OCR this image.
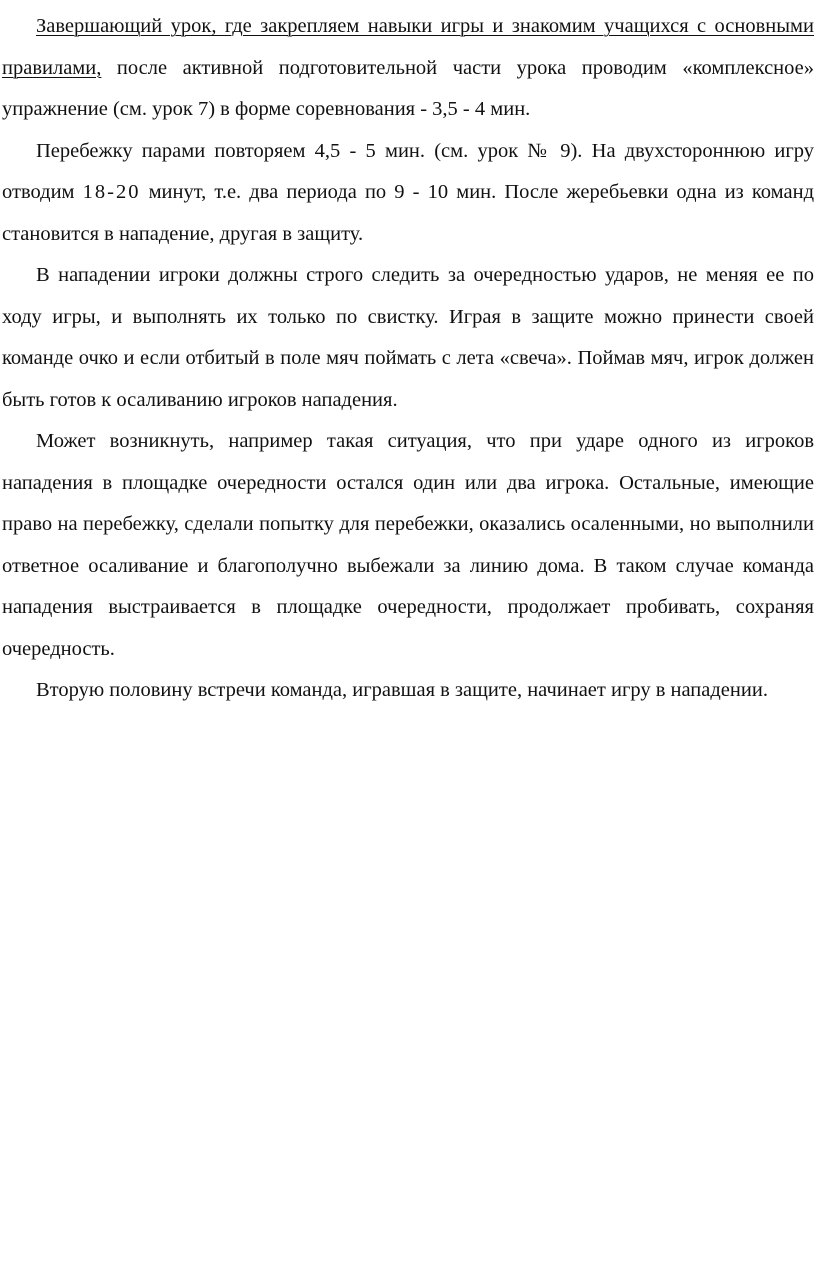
Завершающий урок, где закрепляем навыки игры и знакомим учащихся с основными правилами, после активной подготовительной части урока проводим «комплексное» упражнение (см. урок 7) в форме соревнования - 3,5 - 4 мин.

Перебежку парами повторяем 4,5 - 5 мин. (см. урок № 9). На двухстороннюю игру отводим 18-20 минут, т.е. два периода по 9 - 10 мин. После жеребьевки одна из команд становится в нападение, другая в защиту.

В нападении игроки должны строго следить за очередностью ударов, не меняя ее по ходу игры, и выполнять их только по свистку. Играя в защите можно принести своей команде очко и если отбитый в поле мяч поймать с лета «свеча». Поймав мяч, игрок должен быть готов к осаливанию игроков нападения.

Может возникнуть, например такая ситуация, что при ударе одного из игроков нападения в площадке очередности остался один или два игрока. Остальные, имеющие право на перебежку, сделали попытку для перебежки, оказались осаленными, но выполнили ответное осаливание и благополучно выбежали за линию дома. В таком случае команда нападения выстраивается в площадке очередности, продолжает пробивать, сохраняя очередность.

Вторую половину встречи команда, игравшая в защите, начинает игру в нападении.
